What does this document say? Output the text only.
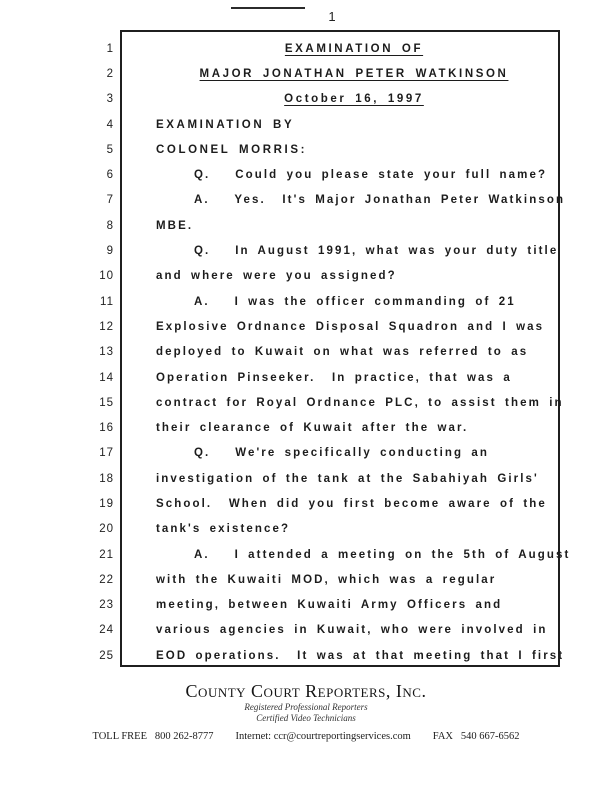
1
1	EXAMINATION OF
2	MAJOR JONATHAN PETER WATKINSON
3	October 16, 1997
4	EXAMINATION BY
5	COLONEL MORRIS:
6	Q.   Could you please state your full name?
7	A.   Yes.  It's Major Jonathan Peter Watkinson
8	MBE.
9	Q.   In August 1991, what was your duty title
10	and where were you assigned?
11	A.   I was the officer commanding of 21
12	Explosive Ordnance Disposal Squadron and I was
13	deployed to Kuwait on what was referred to as
14	Operation Pinseeker.  In practice, that was a
15	contract for Royal Ordnance PLC, to assist them in
16	their clearance of Kuwait after the war.
17	Q.   We're specifically conducting an
18	investigation of the tank at the Sabahiyah Girls'
19	School.  When did you first become aware of the
20	tank's existence?
21	A.   I attended a meeting on the 5th of August
22	with the Kuwaiti MOD, which was a regular
23	meeting, between Kuwaiti Army Officers and
24	various agencies in Kuwait, who were involved in
25	EOD operations.  It was at that meeting that I first
County Court Reporters, Inc.
Registered Professional Reporters
Certified Video Technicians
TOLL FREE   800 262-8777 Internet: ccr@courtreportingservices.com FAX   540 667-6562
